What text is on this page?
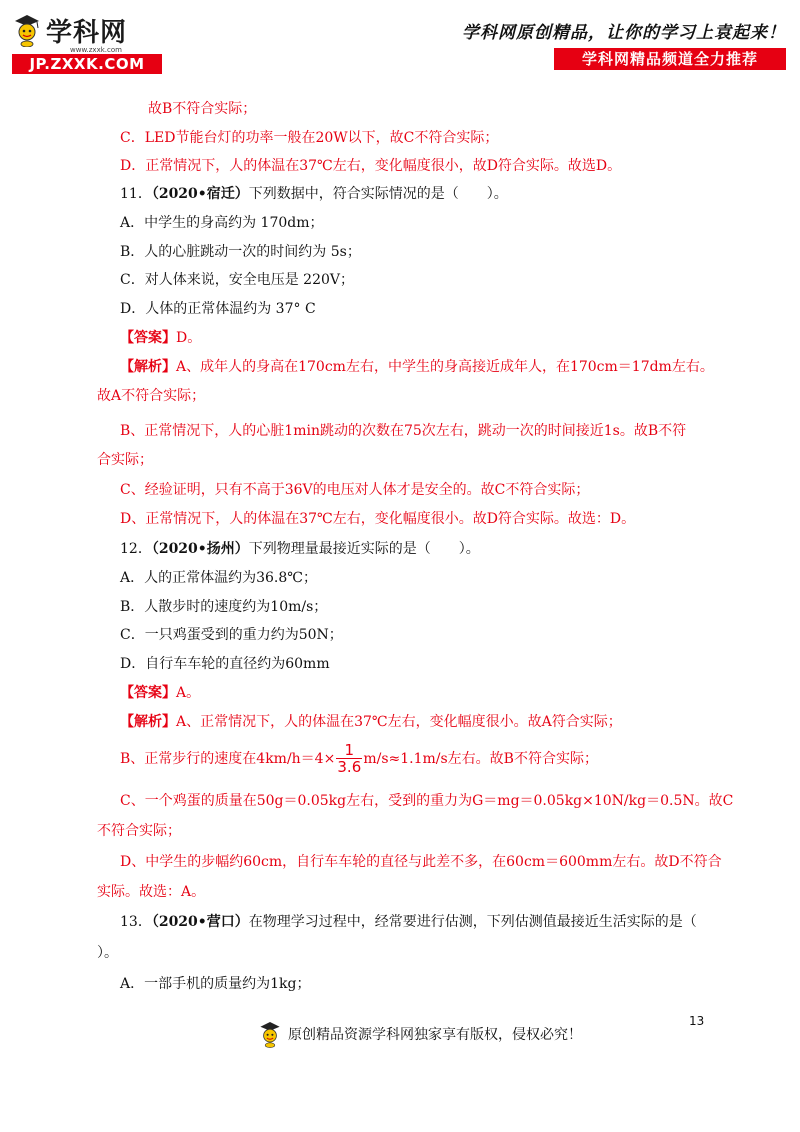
学科网
www.zxxk.com
JP.ZXXK.COM
学科网原创精品，让你的学习上袁起来！
学科网精品频道全力推荐
故B不符合实际；
C．LED节能台灯的功率一般在20W以下，故C不符合实际；
D．正常情况下，人的体温在37℃左右，变化幅度很小，故D符合实际。故选D。
11．（2020•宿迁）下列数据中，符合实际情况的是（　　）。
A．中学生的身高约为 170dm；
B．人的心脏跳动一次的时间约为 5s；
C．对人体来说，安全电压是 220V；
D．人体的正常体温约为 37° C
【答案】D。
【解析】A、成年人的身高在170cm左右，中学生的身高接近成年人，在170cm＝17dm左右。
故A不符合实际；
B、正常情况下，人的心脏1min跳动的次数在75次左右，跳动一次的时间接近1s。故B不符
合实际；
C、经验证明，只有不高于36V的电压对人体才是安全的。故C不符合实际；
D、正常情况下，人的体温在37℃左右，变化幅度很小。故D符合实际。故选：D。
12．（2020•扬州）下列物理量最接近实际的是（　　）。
A．人的正常体温约为36.8℃；
B．人散步时的速度约为10m/s；
C．一只鸡蛋受到的重力约为50N；
D．自行车车轮的直径约为60mm
【答案】A。
【解析】A、正常情况下，人的体温在37℃左右，变化幅度很小。故A符合实际；
B、正常步行的速度在$4km/h=4\times \frac{1}{3.6} m/s\approx 1.1m/s$左右。故B不符合实际；
C、一个鸡蛋的质量在50g＝0.05kg左右，受到的重力为G＝mg＝0.05kg×10N/kg＝0.5N。故C
不符合实际；
D、中学生的步幅约60cm，自行车车轮的直径与此差不多，在60cm＝600mm左右。故D不符合
实际。故选：A。
13．（2020•营口）在物理学习过程中，经常要进行估测，下列估测值最接近生活实际的是（
）。
A．一部手机的质量约为1kg；
13
原创精品资源学科网独家享有版权，侵权必究！
